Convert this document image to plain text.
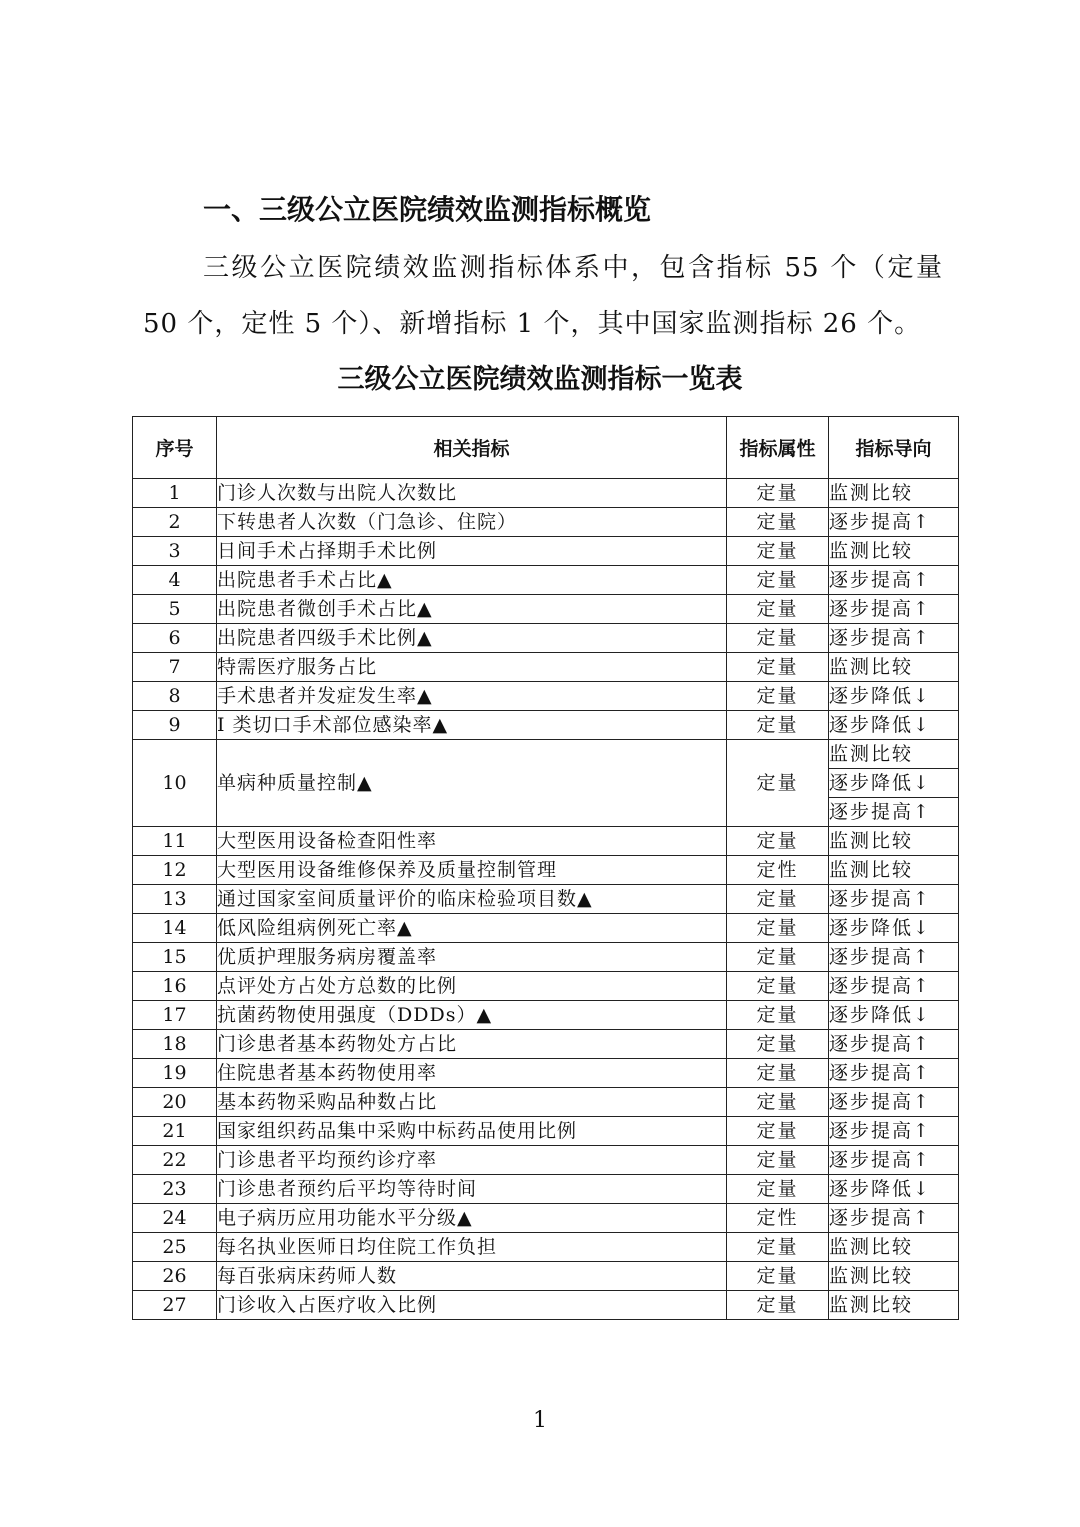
一、三级公立医院绩效监测指标概览

三级公立医院绩效监测指标体系中，包含指标 55 个（定量 50 个，定性 5 个）、新增指标 1 个，其中国家监测指标 26 个。

三级公立医院绩效监测指标一览表
序号	相关指标	指标属性	指标导向
1	门诊人次数与出院人次数比	定量	监测比较
2	下转患者人次数（门急诊、住院）	定量	逐步提高↑
3	日间手术占择期手术比例	定量	监测比较
4	出院患者手术占比▲	定量	逐步提高↑
5	出院患者微创手术占比▲	定量	逐步提高↑
6	出院患者四级手术比例▲	定量	逐步提高↑
7	特需医疗服务占比	定量	监测比较
8	手术患者并发症发生率▲	定量	逐步降低↓
9	I 类切口手术部位感染率▲	定量	逐步降低↓
10	单病种质量控制▲	定量	监测比较
			逐步降低↓
			逐步提高↑
11	大型医用设备检查阳性率	定量	监测比较
12	大型医用设备维修保养及质量控制管理	定性	监测比较
13	通过国家室间质量评价的临床检验项目数▲	定量	逐步提高↑
14	低风险组病例死亡率▲	定量	逐步降低↓
15	优质护理服务病房覆盖率	定量	逐步提高↑
16	点评处方占处方总数的比例	定量	逐步提高↑
17	抗菌药物使用强度（DDDs）▲	定量	逐步降低↓
18	门诊患者基本药物处方占比	定量	逐步提高↑
19	住院患者基本药物使用率	定量	逐步提高↑
20	基本药物采购品种数占比	定量	逐步提高↑
21	国家组织药品集中采购中标药品使用比例	定量	逐步提高↑
22	门诊患者平均预约诊疗率	定量	逐步提高↑
23	门诊患者预约后平均等待时间	定量	逐步降低↓
24	电子病历应用功能水平分级▲	定性	逐步提高↑
25	每名执业医师日均住院工作负担	定量	监测比较
26	每百张病床药师人数	定量	监测比较
27	门诊收入占医疗收入比例	定量	监测比较
1
